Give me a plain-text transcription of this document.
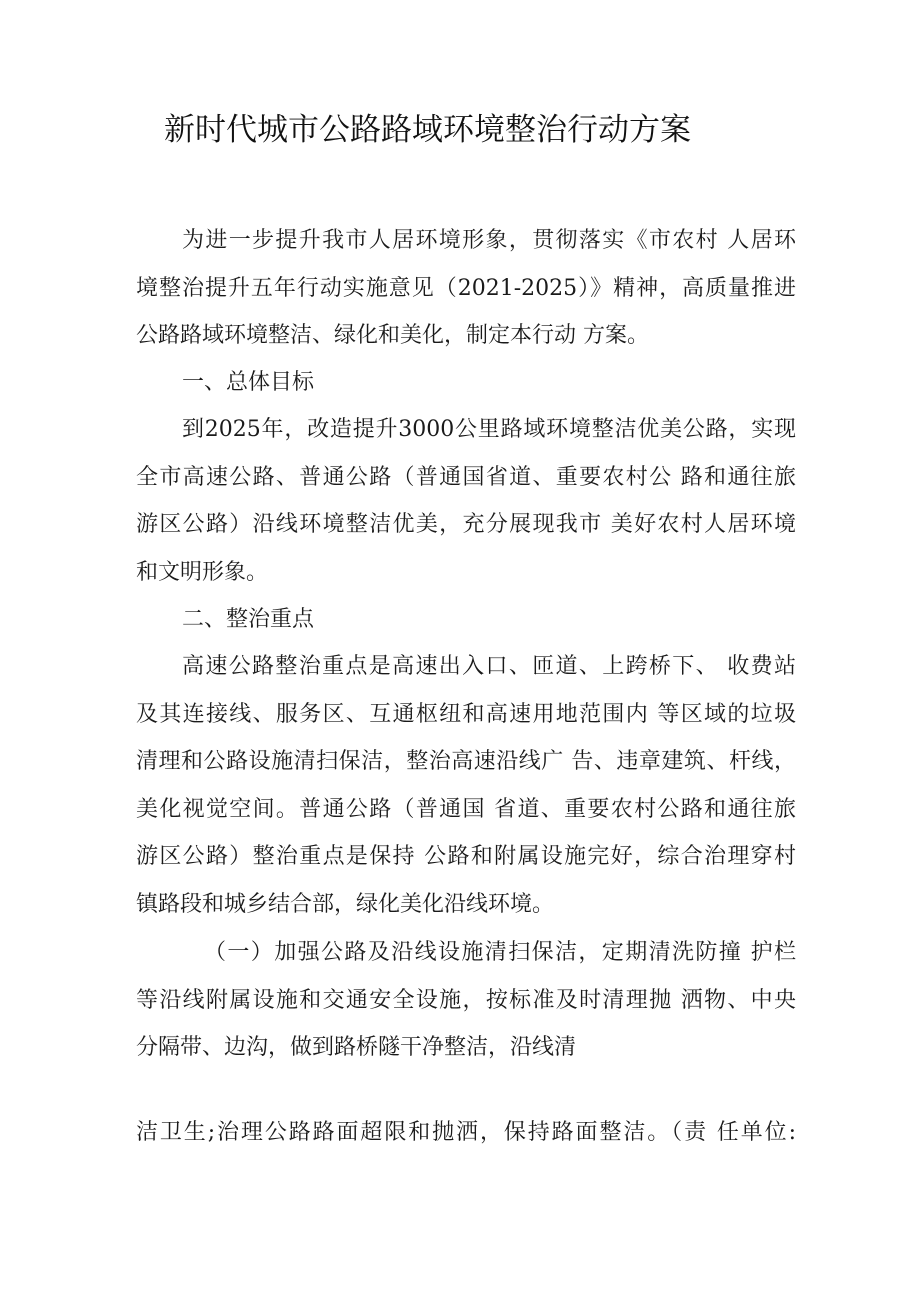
新时代城市公路路域环境整治行动方案
为进一步提升我市人居环境形象，贯彻落实《市农村 人居环
境整治提升五年行动实施意见（2021-2025）》精神，高质量推进
公路路域环境整洁、绿化和美化，制定本行动 方案。
一、总体目标
到2025年，改造提升3000公里路域环境整洁优美公路，实现
全市高速公路、普通公路（普通国省道、重要农村公 路和通往旅
游区公路）沿线环境整洁优美，充分展现我市 美好农村人居环境
和文明形象。
二、整治重点
高速公路整治重点是高速出入口、匝道、上跨桥下、 收费站
及其连接线、服务区、互通枢纽和高速用地范围内 等区域的垃圾
清理和公路设施清扫保洁，整治高速沿线广 告、违章建筑、杆线，
美化视觉空间。普通公路（普通国 省道、重要农村公路和通往旅
游区公路）整治重点是保持 公路和附属设施完好，综合治理穿村
镇路段和城乡结合部，绿化美化沿线环境。
（一）加强公路及沿线设施清扫保洁，定期清洗防撞 护栏
等沿线附属设施和交通安全设施，按标准及时清理抛 洒物、中央
分隔带、边沟，做到路桥隧干净整洁，沿线清
洁卫生;治理公路路面超限和抛洒，保持路面整洁。（责 任单位:
